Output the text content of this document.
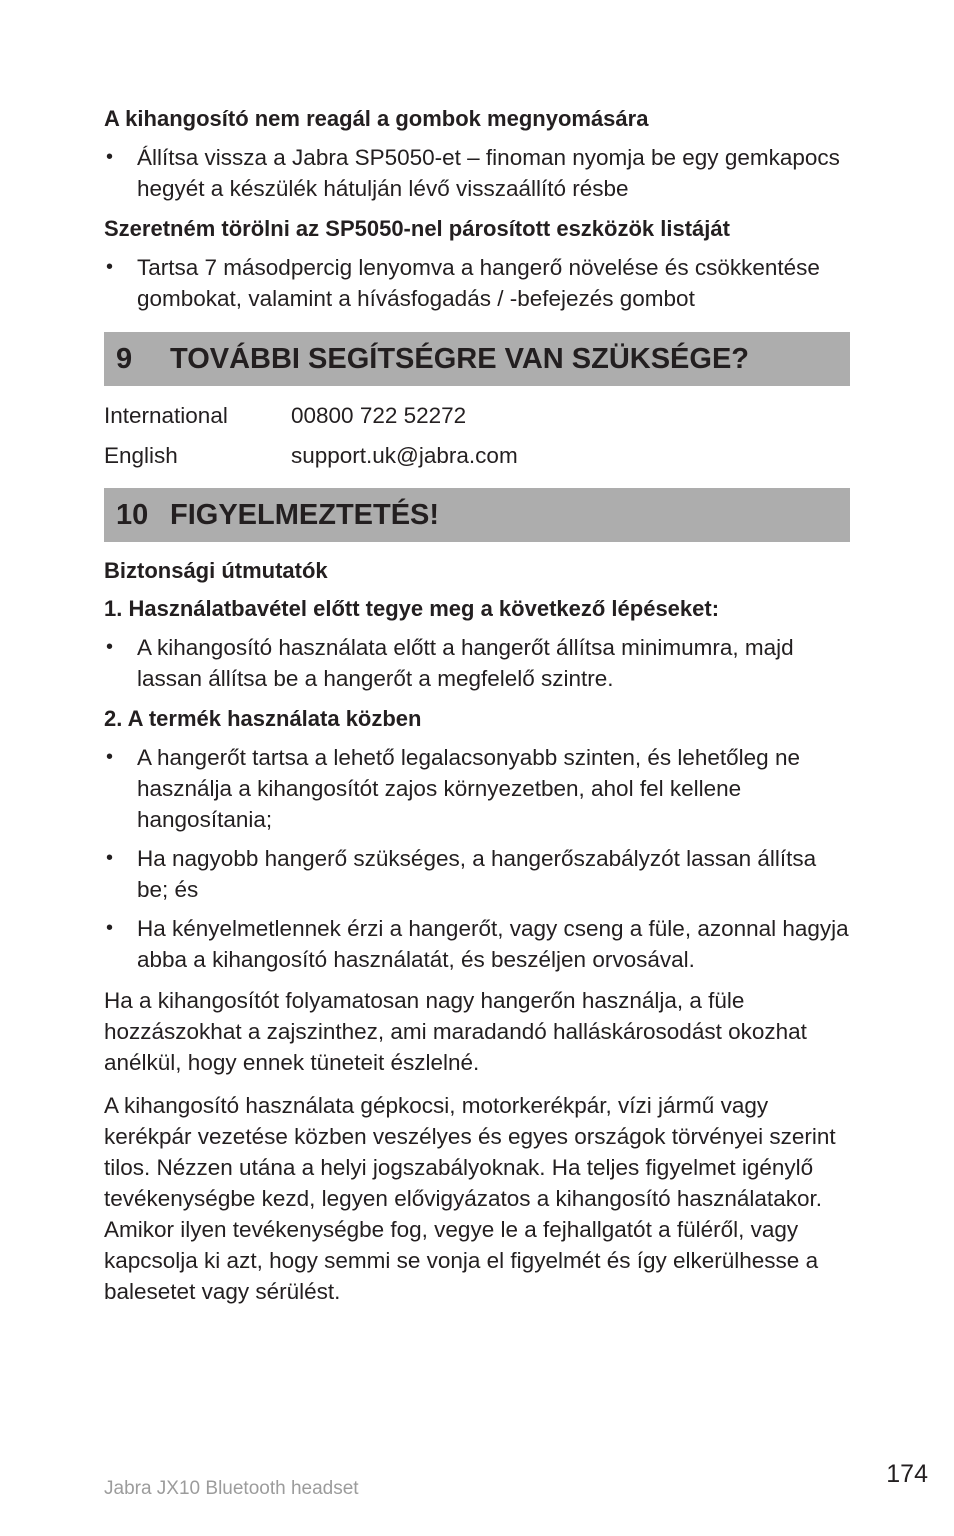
A kihangosító nem reagál a gombok megnyomására
• Állítsa vissza a Jabra SP5050-et – finoman nyomja be egy gemkapocs hegyét a készülék hátulján lévő visszaállító résbe
Szeretném törölni az SP5050-nel párosított eszközök listáját
• Tartsa 7 másodpercig lenyomva a hangerő növelése és csökkentése gombokat, valamint a hívásfogadás / -befejezés gombot
9	TOVÁBBI SEGÍTSÉGRE VAN SZÜKSÉGE?
International	00800 722 52272
English	support.uk@jabra.com
10 FIGYELMEZTETÉS!
Biztonsági útmutatók
1. Használatbavétel előtt tegye meg a következő lépéseket:
• A kihangosító használata előtt a hangerőt állítsa minimumra, majd lassan állítsa be a hangerőt a megfelelő szintre.
2. A termék használata közben
• A hangerőt tartsa a lehető legalacsonyabb szinten, és lehetőleg ne használja a kihangosítót zajos környezetben, ahol fel kellene hangosítania;
• Ha nagyobb hangerő szükséges, a hangerőszabályzót lassan állítsa be; és
• Ha kényelmetlennek érzi a hangerőt, vagy cseng a füle, azonnal hagyja abba a kihangosító használatát, és beszéljen orvosával.

Ha a kihangosítót folyamatosan nagy hangerőn használja, a füle hozzászokhat a zajszinthez, ami maradandó halláskárosodást okozhat anélkül, hogy ennek tüneteit észlelné.

A kihangosító használata gépkocsi, motorkerékpár, vízi jármű vagy kerékpár vezetése közben veszélyes és egyes országok törvényei szerint tilos. Nézzen utána a helyi jogszabályoknak. Ha teljes figyelmet igénylő tevékenységbe kezd, legyen elővigyázatos a kihangosító használatakor. Amikor ilyen tevékenységbe fog, vegye le a fejhallgatót a füléről, vagy kapcsolja ki azt, hogy semmi se vonja el figyelmét és így elkerülhesse a balesetet vagy sérülést.

Jabra JX10 Bluetooth headset
174
